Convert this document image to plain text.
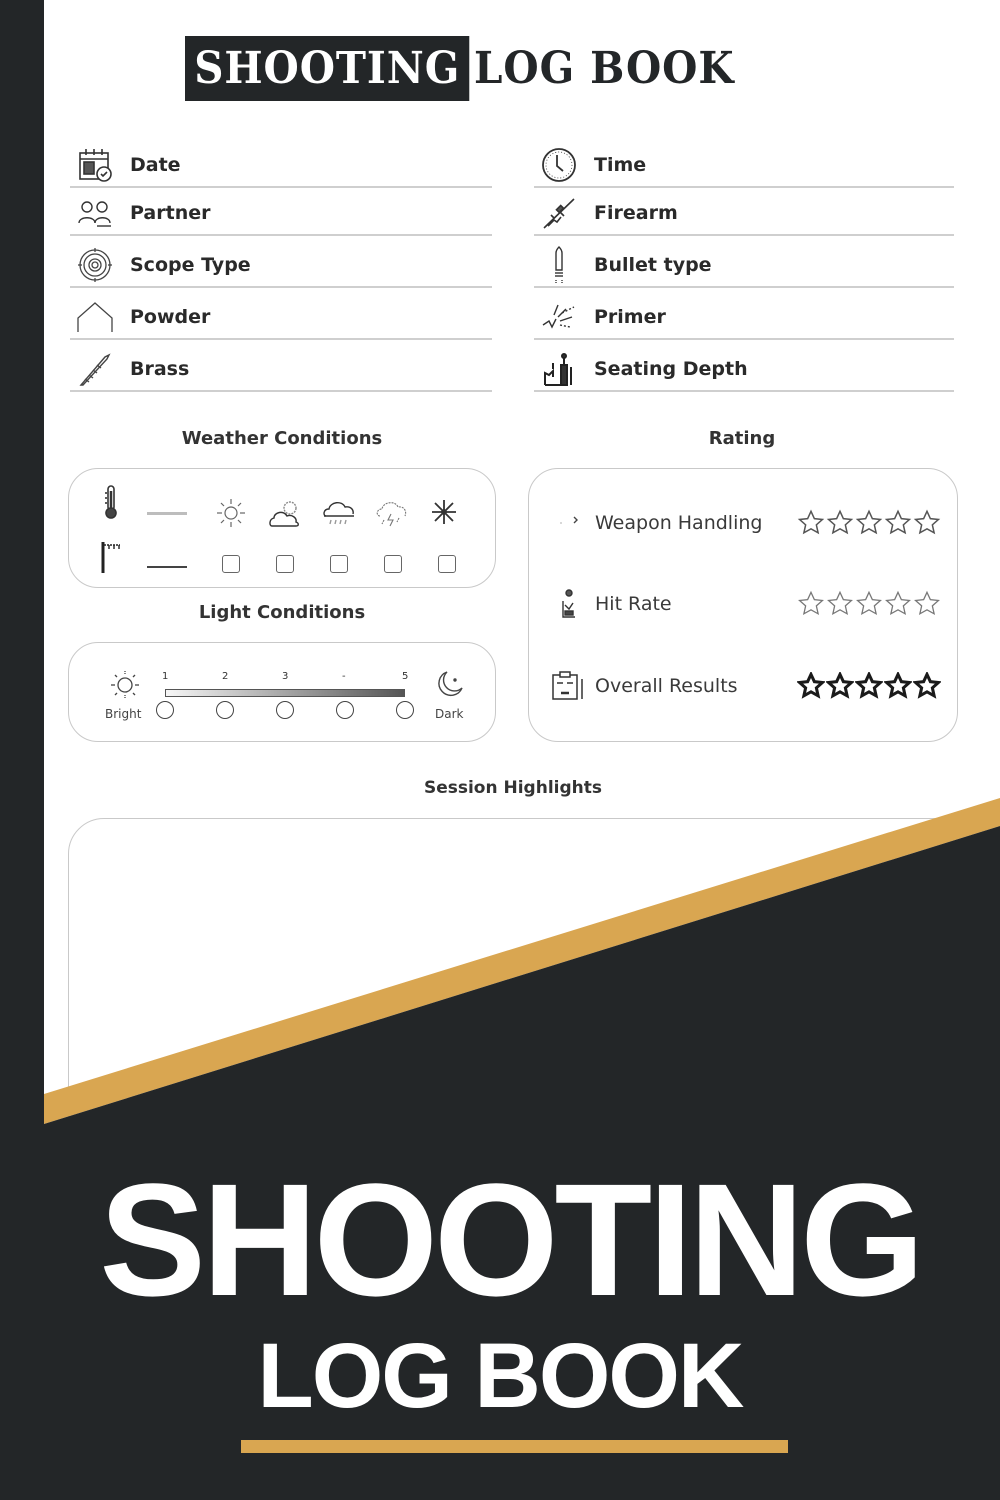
SHOOTING LOG BOOK
Date
Partner
Scope Type
Powder
Brass
Time
Firearm
Bullet type
Primer
Seating Depth
Weather Conditions
Light Conditions
Bright
1	2	3	-	5
Dark
Rating
Weapon Handling
Hit Rate
Overall Results
Session Highlights
SHOOTING
LOG BOOK
